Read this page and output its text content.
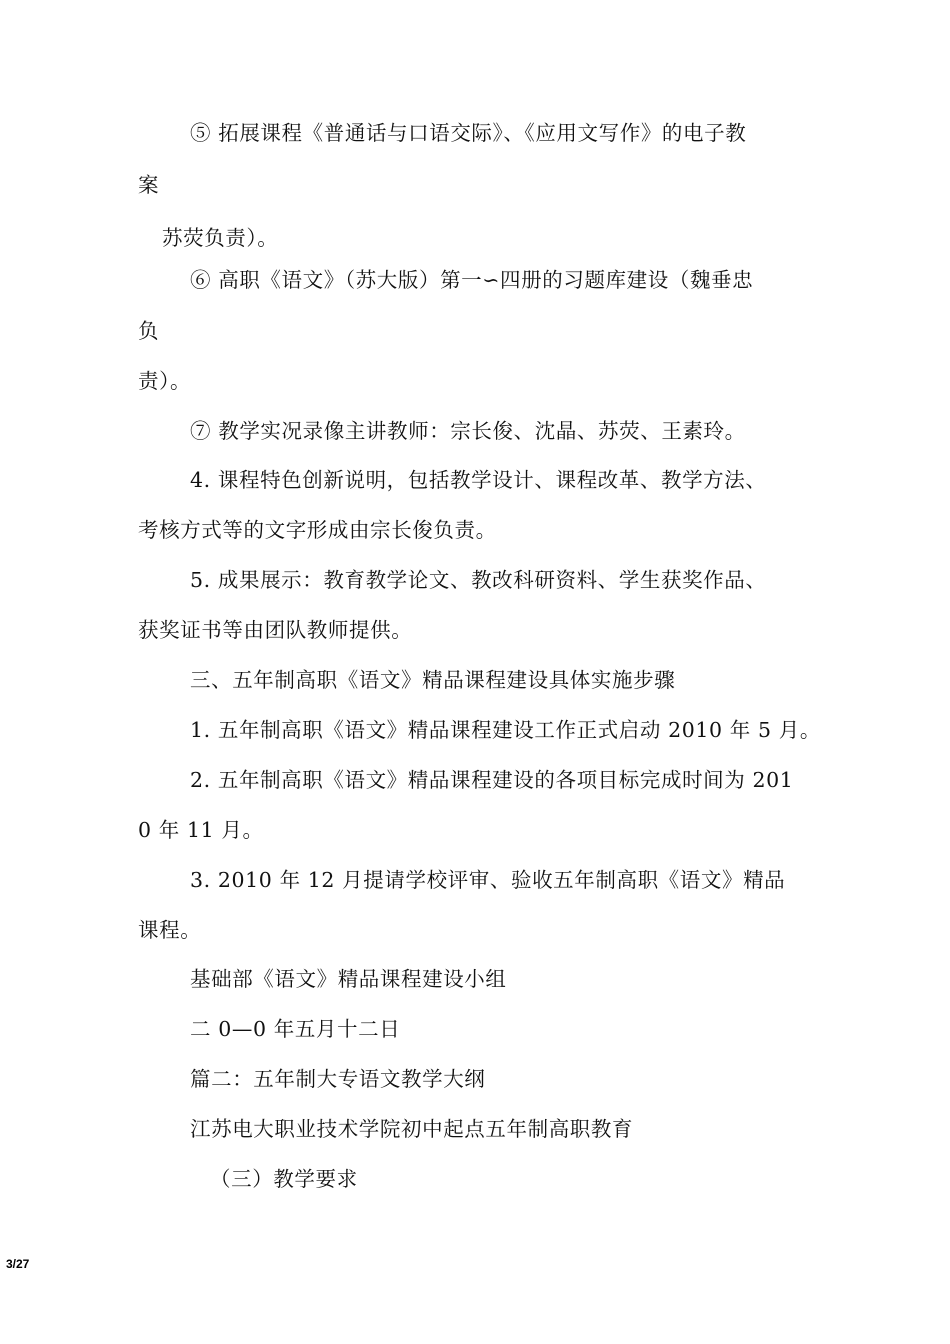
⑤ 拓展课程《普通话与口语交际》、《应用文写作》的电子教

案

苏荧负责）。

⑥ 高职《语文》（苏大版）第一∽四册的习题库建设（魏垂忠

负

责）。

⑦ 教学实况录像主讲教师：宗长俊、沈晶、苏荧、王素玲。

4. 课程特色创新说明，包括教学设计、课程改革、教学方法、

考核方式等的文字形成由宗长俊负责。

5. 成果展示：教育教学论文、教改科研资料、学生获奖作品、

获奖证书等由团队教师提供。

三、五年制高职《语文》精品课程建设具体实施步骤

1. 五年制高职《语文》精品课程建设工作正式启动 2010 年 5 月。

2. 五年制高职《语文》精品课程建设的各项目标完成时间为 201

0 年 11 月。

3. 2010 年 12 月提请学校评审、验收五年制高职《语文》精品

课程。

基础部《语文》精品课程建设小组

二 0—0 年五月十二日

篇二：五年制大专语文教学大纲

江苏电大职业技术学院初中起点五年制高职教育

（三）教学要求

3/27
